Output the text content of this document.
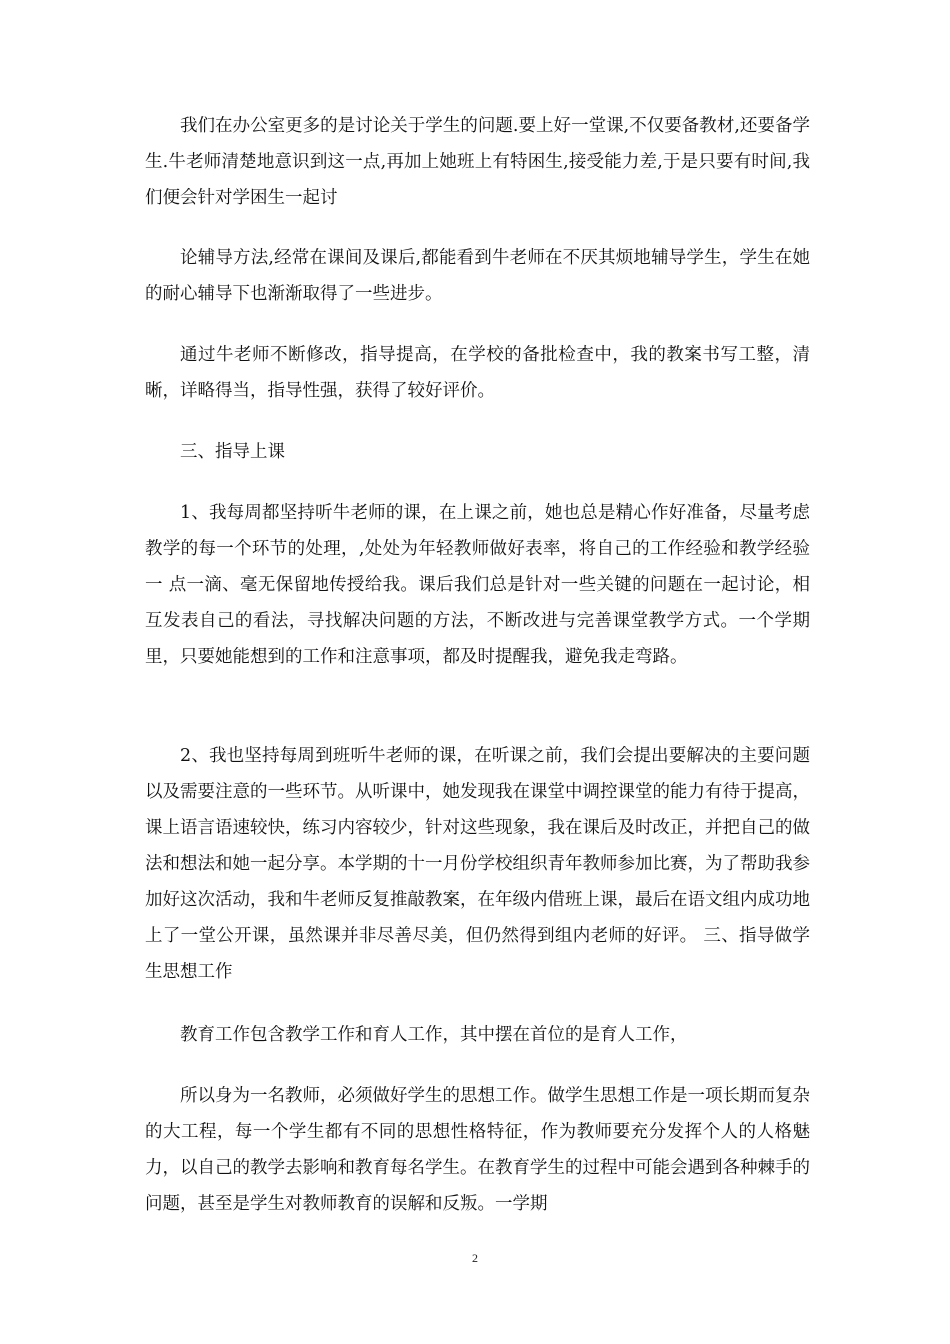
我们在办公室更多的是讨论关于学生的问题.要上好一堂课,不仅要备教材,还要备学生.牛老师清楚地意识到这一点,再加上她班上有特困生,接受能力差,于是只要有时间,我们便会针对学困生一起讨

论辅导方法,经常在课间及课后,都能看到牛老师在不厌其烦地辅导学生，学生在她的耐心辅导下也渐渐取得了一些进步。

通过牛老师不断修改，指导提高，在学校的备批检查中，我的教案书写工整，清晰，详略得当，指导性强，获得了较好评价。

三、指导上课

1、我每周都坚持听牛老师的课，在上课之前，她也总是精心作好准备，尽量考虑教学的每一个环节的处理，,处处为年轻教师做好表率，将自己的工作经验和教学经验一 点一滴、毫无保留地传授给我。课后我们总是针对一些关键的问题在一起讨论，相互发表自己的看法，寻找解决问题的方法，不断改进与完善课堂教学方式。一个学期里，只要她能想到的工作和注意事项，都及时提醒我，避免我走弯路。

2、我也坚持每周到班听牛老师的课，在听课之前，我们会提出要解决的主要问题以及需要注意的一些环节。从听课中，她发现我在课堂中调控课堂的能力有待于提高，课上语言语速较快，练习内容较少，针对这些现象，我在课后及时改正，并把自己的做法和想法和她一起分享。本学期的十一月份学校组织青年教师参加比赛，为了帮助我参加好这次活动，我和牛老师反复推敲教案，在年级内借班上课，最后在语文组内成功地上了一堂公开课，虽然课并非尽善尽美，但仍然得到组内老师的好评。 三、指导做学生思想工作

教育工作包含教学工作和育人工作，其中摆在首位的是育人工作，

所以身为一名教师，必须做好学生的思想工作。做学生思想工作是一项长期而复杂的大工程，每一个学生都有不同的思想性格特征，作为教师要充分发挥个人的人格魅力，以自己的教学去影响和教育每名学生。在教育学生的过程中可能会遇到各种棘手的问题，甚至是学生对教师教育的误解和反叛。一学期

2
